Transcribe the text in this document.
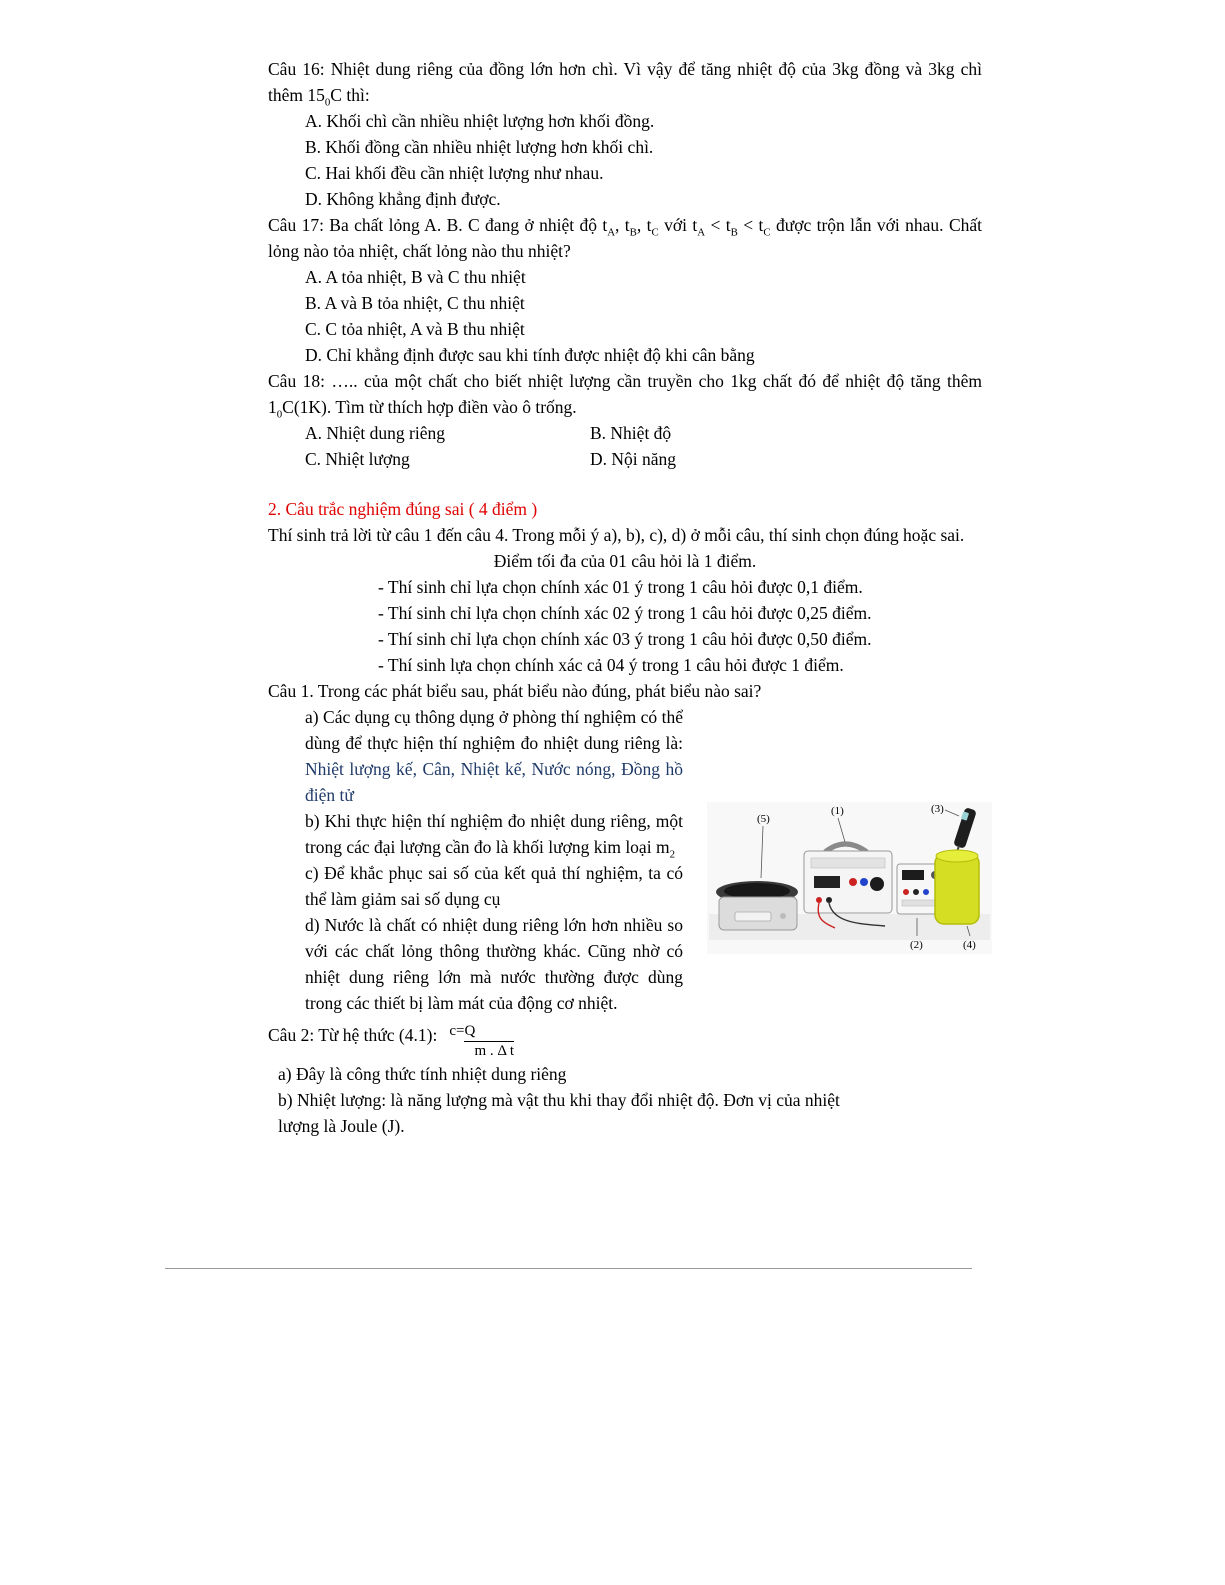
Câu 16: Nhiệt dung riêng của đồng lớn hơn chì. Vì vậy để tăng nhiệt độ của 3kg đồng và 3kg chì thêm $15_0C$ thì:

A. Khối chì cần nhiều nhiệt lượng hơn khối đồng.

B. Khối đồng cần nhiều nhiệt lượng hơn khối chì.

C. Hai khối đều cần nhiệt lượng như nhau.

D. Không khẳng định được.

Câu 17: Ba chất lỏng A. B. C đang ở nhiệt độ $t_A$, $t_B$, $t_C$ với $t_A < t_B < t_C$ được trộn lẫn với nhau. Chất lỏng nào tỏa nhiệt, chất lỏng nào thu nhiệt?

A. A tỏa nhiệt, B và C thu nhiệt

B. A và B tỏa nhiệt, C thu nhiệt

C. C tỏa nhiệt, A và B thu nhiệt

D. Chỉ khẳng định được sau khi tính được nhiệt độ khi cân bằng

Câu 18: ….. của một chất cho biết nhiệt lượng cần truyền cho 1kg chất đó để nhiệt độ tăng thêm $1_0C(1K)$. Tìm từ thích hợp điền vào ô trống.

A. Nhiệt dung riêng	B. Nhiệt độ

C. Nhiệt lượng	D. Nội năng

2. Câu trắc nghiệm đúng sai ( 4 điểm )

Thí sinh trả lời từ câu 1 đến câu 4. Trong mỗi ý a), b), c), d) ở mỗi câu, thí sinh chọn đúng hoặc sai.

Điểm tối đa của 01 câu hỏi là 1 điểm.

- Thí sinh chỉ lựa chọn chính xác 01 ý trong 1 câu hỏi được 0,1 điểm.

- Thí sinh chỉ lựa chọn chính xác 02 ý trong 1 câu hỏi được 0,25 điểm.

- Thí sinh chỉ lựa chọn chính xác 03 ý trong 1 câu hỏi được 0,50 điểm.

- Thí sinh lựa chọn chính xác cả 04 ý trong 1 câu hỏi được 1 điểm.

Câu 1. Trong các phát biểu sau, phát biểu nào đúng, phát biểu nào sai?

a) Các dụng cụ thông dụng ở phòng thí nghiệm có thể dùng để thực hiện thí nghiệm đo nhiệt dung riêng là: Nhiệt lượng kế, Cân, Nhiệt kế, Nước nóng, Đồng hồ điện tử

b) Khi thực hiện thí nghiệm đo nhiệt dung riêng, một trong các đại lượng cần đo là khối lượng kim loại $m_2$

c) Để khắc phục sai số của kết quả thí nghiệm, ta có thể làm giảm sai số dụng cụ

d) Nước là chất có nhiệt dung riêng lớn hơn nhiều so với các chất lỏng thông thường khác. Cũng nhờ có nhiệt dung riêng lớn mà nước thường được dùng trong các thiết bị làm mát của động cơ nhiệt.

(5)
(1)	(3)
(2)	(4)
Câu 2: Từ hệ thức (4.1): $c= \frac{Q}{\text{m . Δ t}}$

a) Đây là công thức tính nhiệt dung riêng

b) Nhiệt lượng: là năng lượng mà vật thu khi thay đổi nhiệt độ. Đơn vị của nhiệt lượng là Joule (J).
